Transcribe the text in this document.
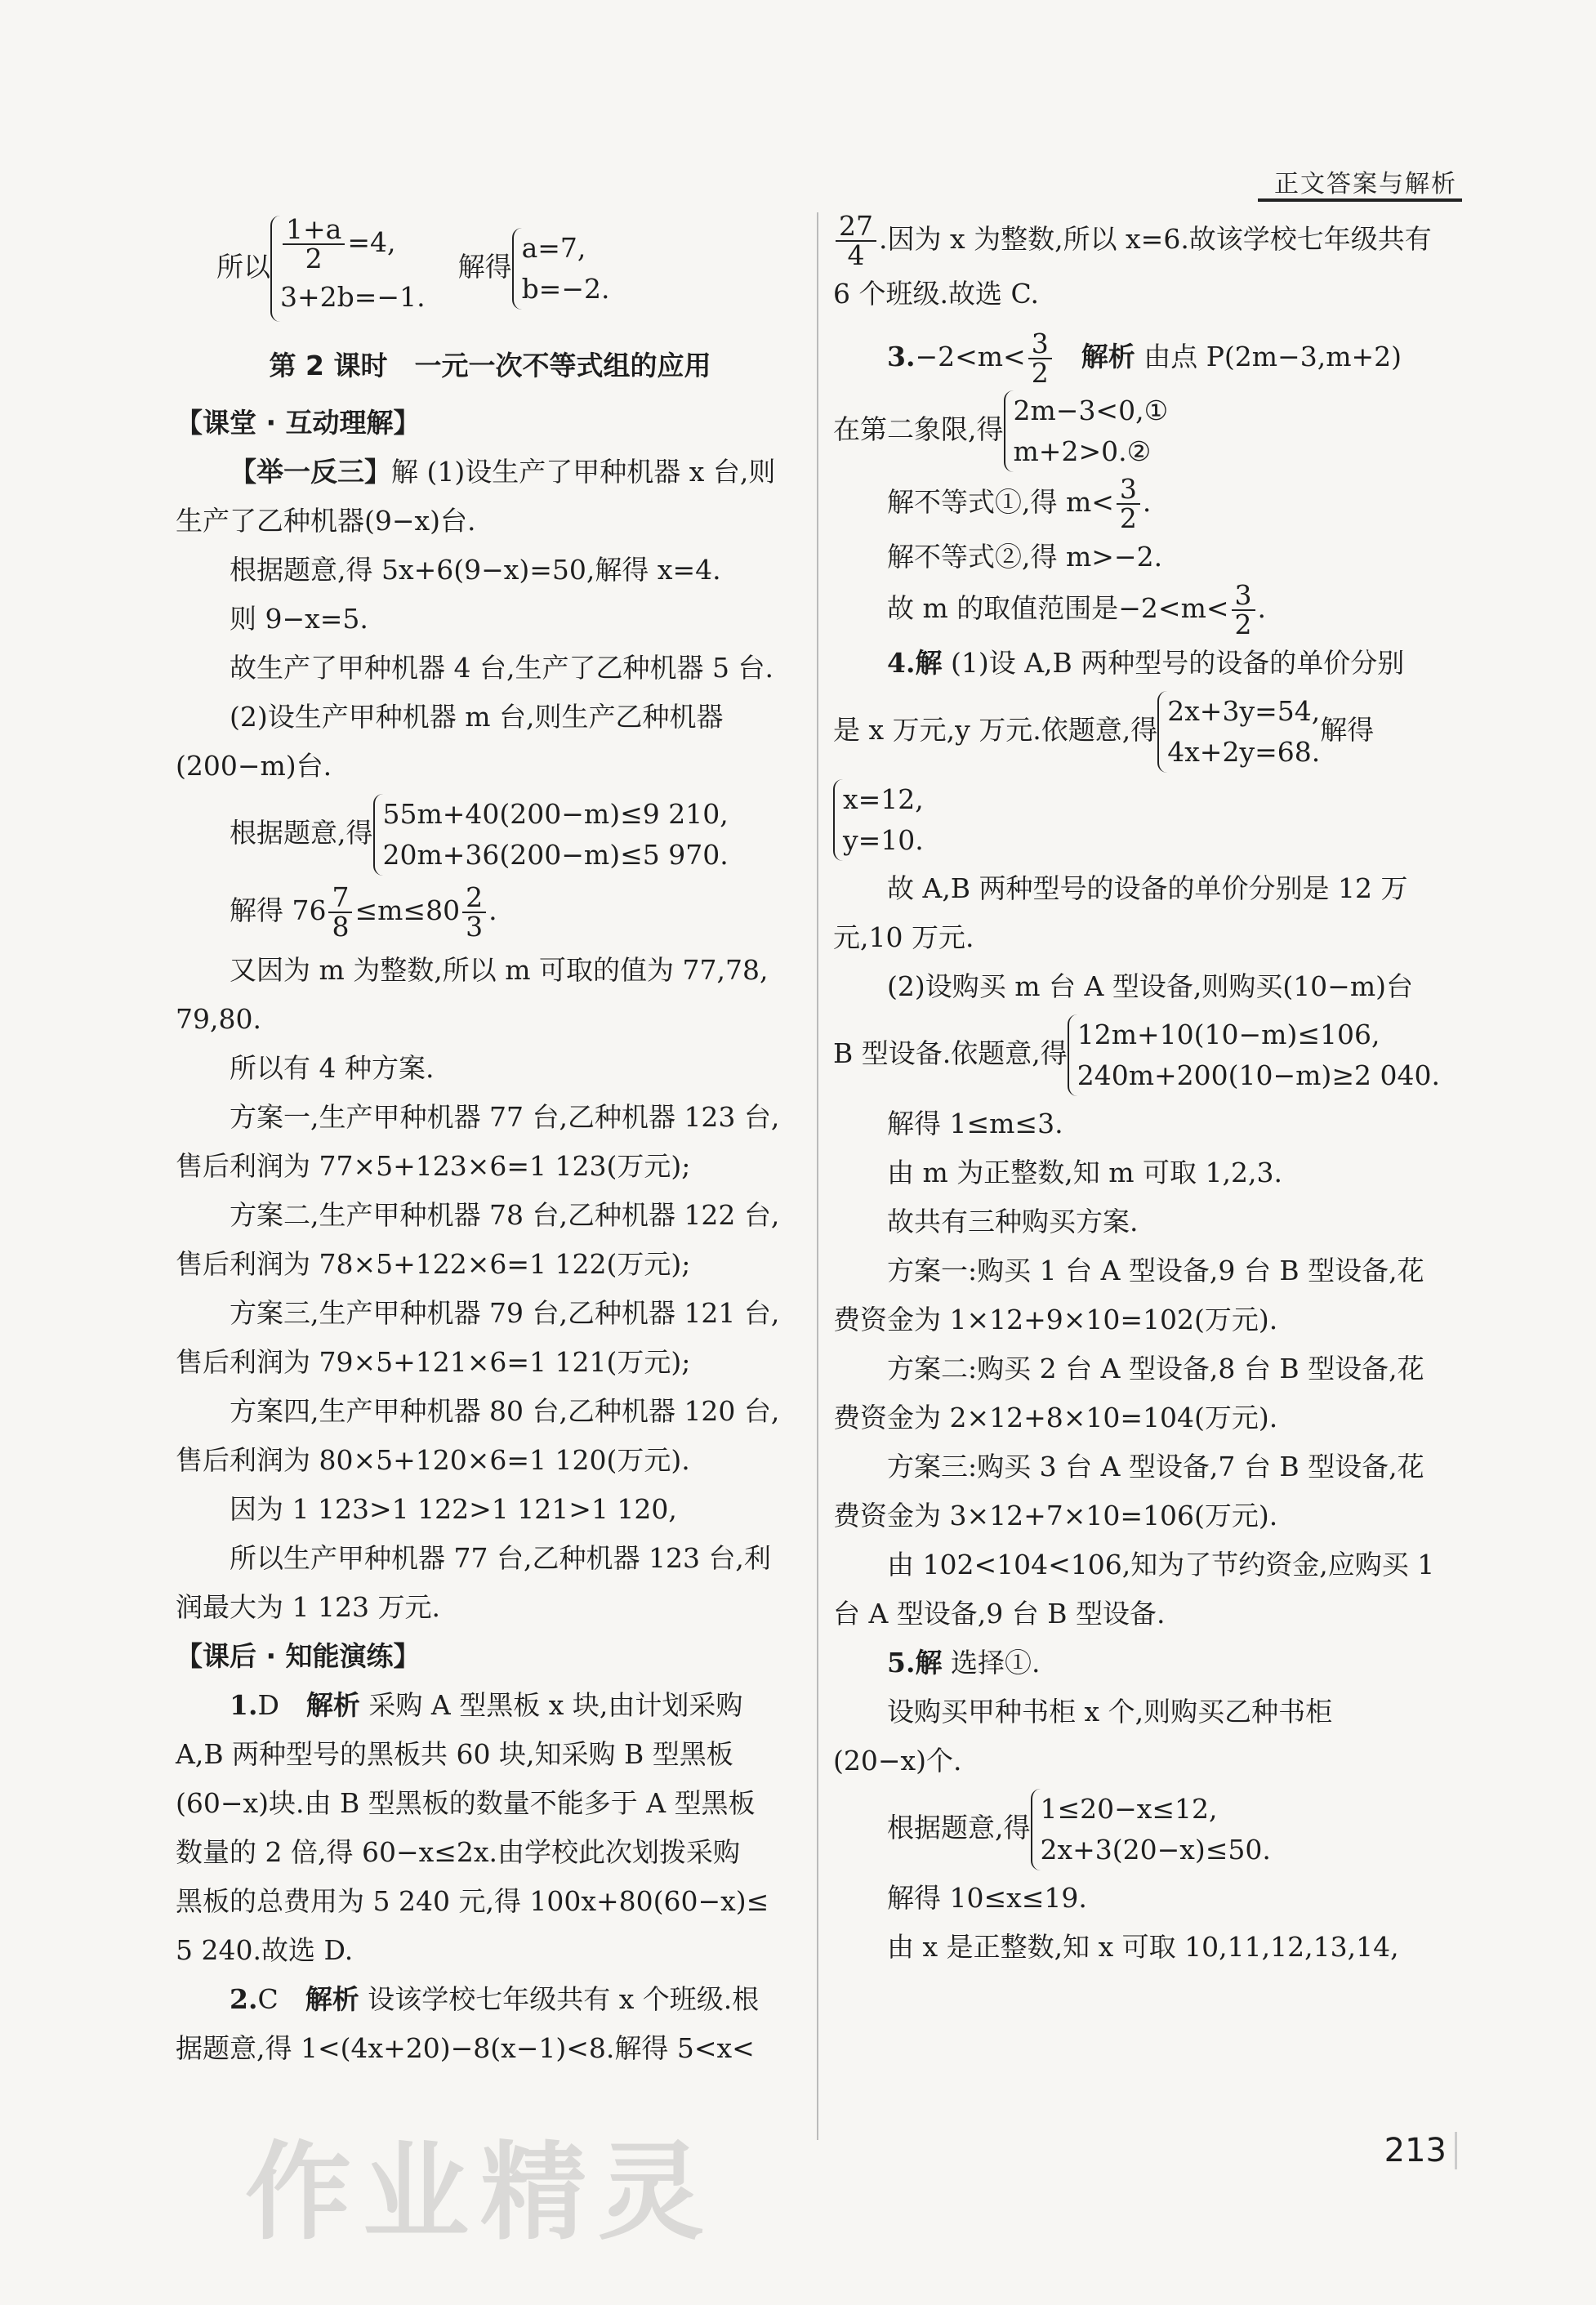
正文答案与解析
所以 $\frac{1+a}{2} =4$,
3+2b=−1.
解得
a=7,
b=−2.
第 2 课时　一元一次不等式组的应用
【课堂 · 互动理解】
【举一反三】解 (1)设生产了甲种机器 x 台,则
生产了乙种机器(9−x)台.
根据题意,得 5x+6(9−x)=50,解得 x=4.
则 9−x=5.
故生产了甲种机器 4 台,生产了乙种机器 5 台.
(2)设生产甲种机器 m 台,则生产乙种机器
(200−m)台.
根据题意,得
55m+40(200−m)≤9 210,
20m+36(200−m)≤5 970.
解得 $76 \frac{7}{8} \le m\le 80 \frac{2}{3}$ .
又因为 m 为整数,所以 m 可取的值为 77,78,
79,80.
所以有 4 种方案.
方案一,生产甲种机器 77 台,乙种机器 123 台,
售后利润为 77×5+123×6=1 123(万元);
方案二,生产甲种机器 78 台,乙种机器 122 台,
售后利润为 78×5+122×6=1 122(万元);
方案三,生产甲种机器 79 台,乙种机器 121 台,
售后利润为 79×5+121×6=1 121(万元);
方案四,生产甲种机器 80 台,乙种机器 120 台,
售后利润为 80×5+120×6=1 120(万元).
因为 1 123>1 122>1 121>1 120,
所以生产甲种机器 77 台,乙种机器 123 台,利
润最大为 1 123 万元.
【课后 · 知能演练】
1.D　 解析 采购 A 型黑板 x 块,由计划采购
A,B 两种型号的黑板共 60 块,知采购 B 型黑板
(60−x)块.由 B 型黑板的数量不能多于 A 型黑板
数量的 2 倍,得 60−x≤2x.由学校此次划拨采购
黑板的总费用为 5 240 元,得 100x+80(60−x)≤
5 240.故选 D.
2.C　 解析 设该学校七年级共有 x 个班级.根
据题意,得 1<(4x+20)−8(x−1)<8.解得 5<x<
$\frac{27}{4}$ .因为 x 为整数,所以 x=6.故该学校七年级共有
6 个班级.故选 C.
$3.-2<m< \frac{3}{2}$
　 解析 由点 P(2m−3,m+2)
在第二象限,得
2m−3<0,①
m+2>0.②
解不等式①,得 $m< \frac{3}{2}$ .
解不等式②,得 m>−2.
故 m 的取值范围是$-2<m< \frac{3}{2}$ .
4.解 (1)设 A,B 两种型号的设备的单价分别
是 x 万元,y 万元.依题意,得
2x+3y=54,
4x+2y=68.
解得
x=12,
y=10.
故 A,B 两种型号的设备的单价分别是 12 万
元,10 万元.
(2)设购买 m 台 A 型设备,则购买(10−m)台
B 型设备.依题意,得
12m+10(10−m)≤106,
240m+200(10−m)≥2 040.
解得 1≤m≤3.
由 m 为正整数,知 m 可取 1,2,3.
故共有三种购买方案.
方案一:购买 1 台 A 型设备,9 台 B 型设备,花
费资金为 1×12+9×10=102(万元).
方案二:购买 2 台 A 型设备,8 台 B 型设备,花
费资金为 2×12+8×10=104(万元).
方案三:购买 3 台 A 型设备,7 台 B 型设备,花
费资金为 3×12+7×10=106(万元).
由 102<104<106,知为了节约资金,应购买 1
台 A 型设备,9 台 B 型设备.
5.解 选择①.
设购买甲种书柜 x 个,则购买乙种书柜
(20−x)个.
根据题意,得
1≤20−x≤12,
2x+3(20−x)≤50.
解得 10≤x≤19.
由 x 是正整数,知 x 可取 10,11,12,13,14,
作业精灵	213
